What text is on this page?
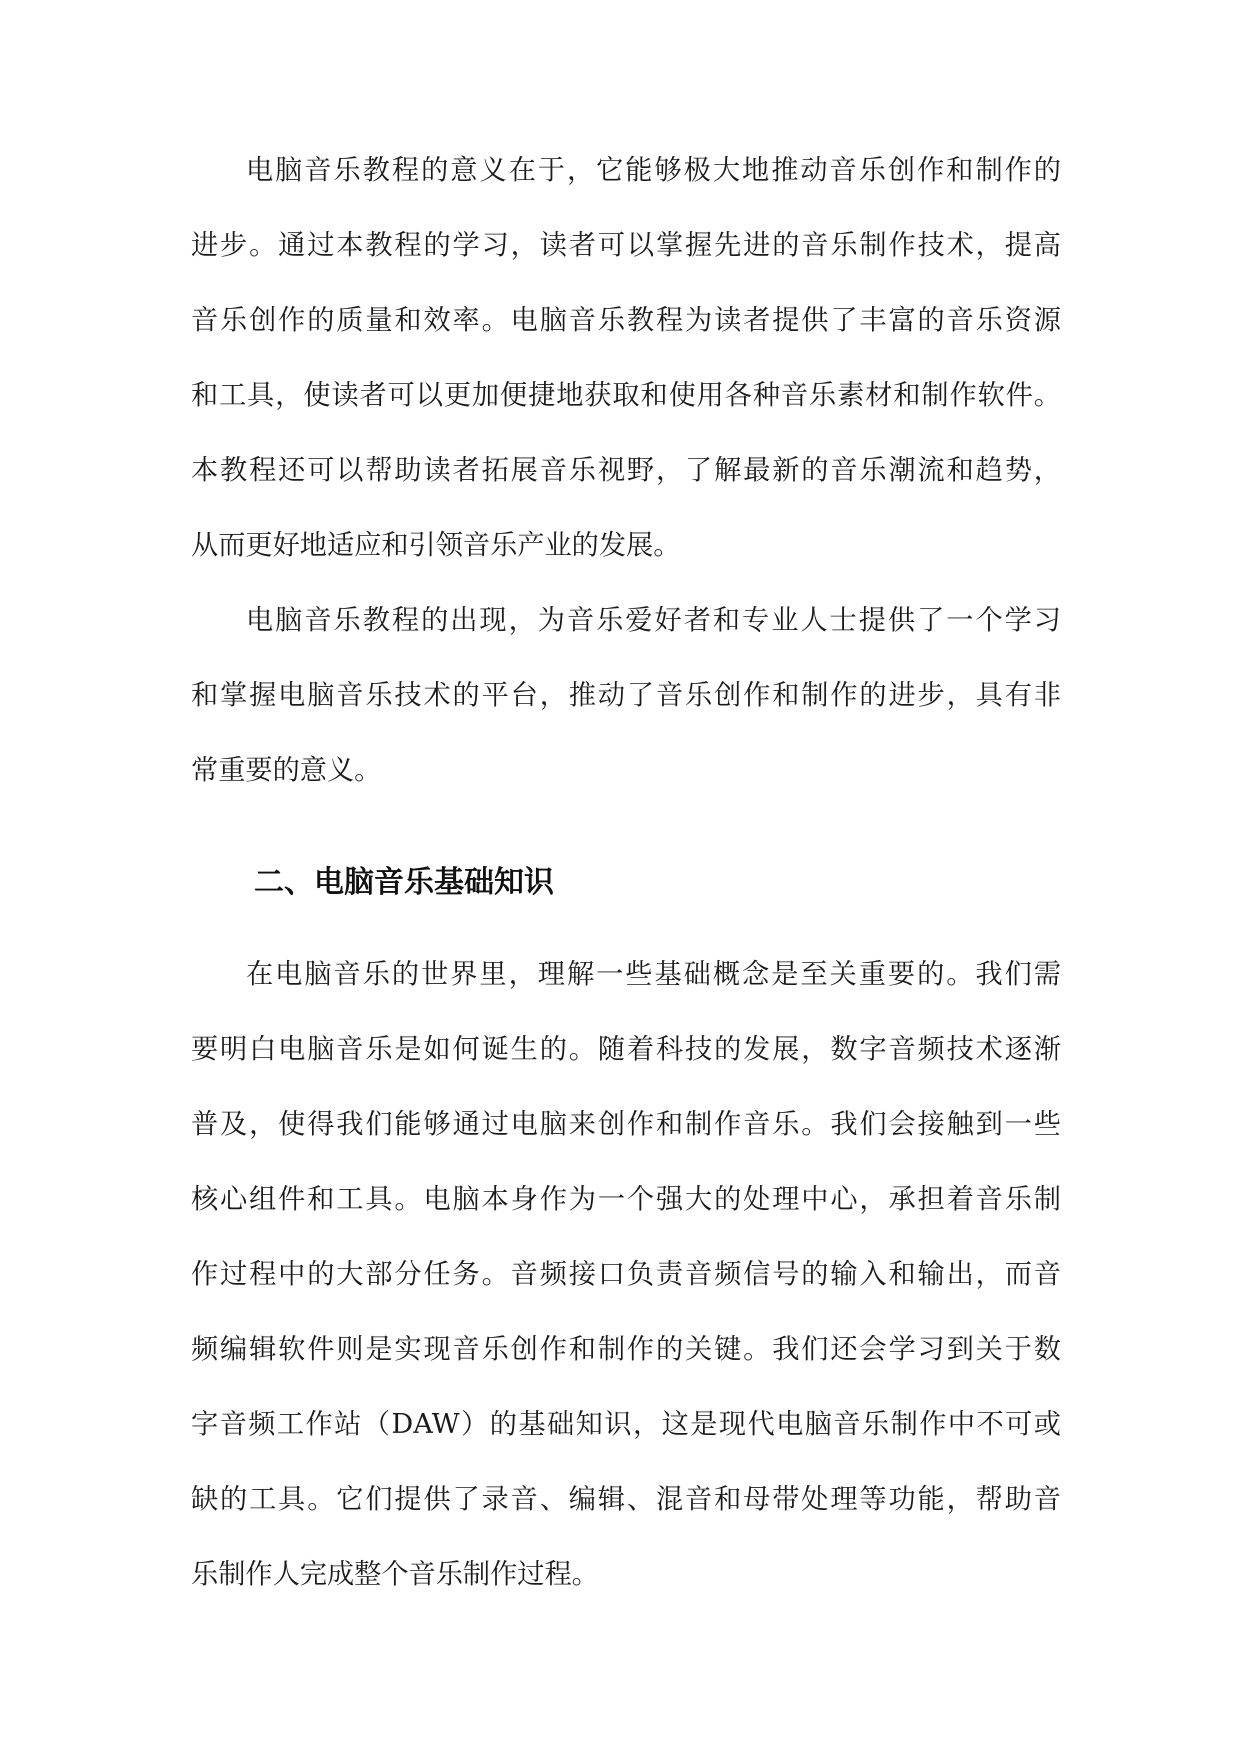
电脑音乐教程的意义在于，它能够极大地推动音乐创作和制作的
进步。通过本教程的学习，读者可以掌握先进的音乐制作技术，提高
音乐创作的质量和效率。电脑音乐教程为读者提供了丰富的音乐资源
和工具，使读者可以更加便捷地获取和使用各种音乐素材和制作软件。
本教程还可以帮助读者拓展音乐视野，了解最新的音乐潮流和趋势，
从而更好地适应和引领音乐产业的发展。
电脑音乐教程的出现，为音乐爱好者和专业人士提供了一个学习
和掌握电脑音乐技术的平台，推动了音乐创作和制作的进步，具有非
常重要的意义。
二、电脑音乐基础知识
在电脑音乐的世界里，理解一些基础概念是至关重要的。我们需
要明白电脑音乐是如何诞生的。随着科技的发展，数字音频技术逐渐
普及，使得我们能够通过电脑来创作和制作音乐。我们会接触到一些
核心组件和工具。电脑本身作为一个强大的处理中心，承担着音乐制
作过程中的大部分任务。音频接口负责音频信号的输入和输出，而音
频编辑软件则是实现音乐创作和制作的关键。我们还会学习到关于数
字音频工作站（DAW）的基础知识，这是现代电脑音乐制作中不可或
缺的工具。它们提供了录音、编辑、混音和母带处理等功能，帮助音
乐制作人完成整个音乐制作过程。
